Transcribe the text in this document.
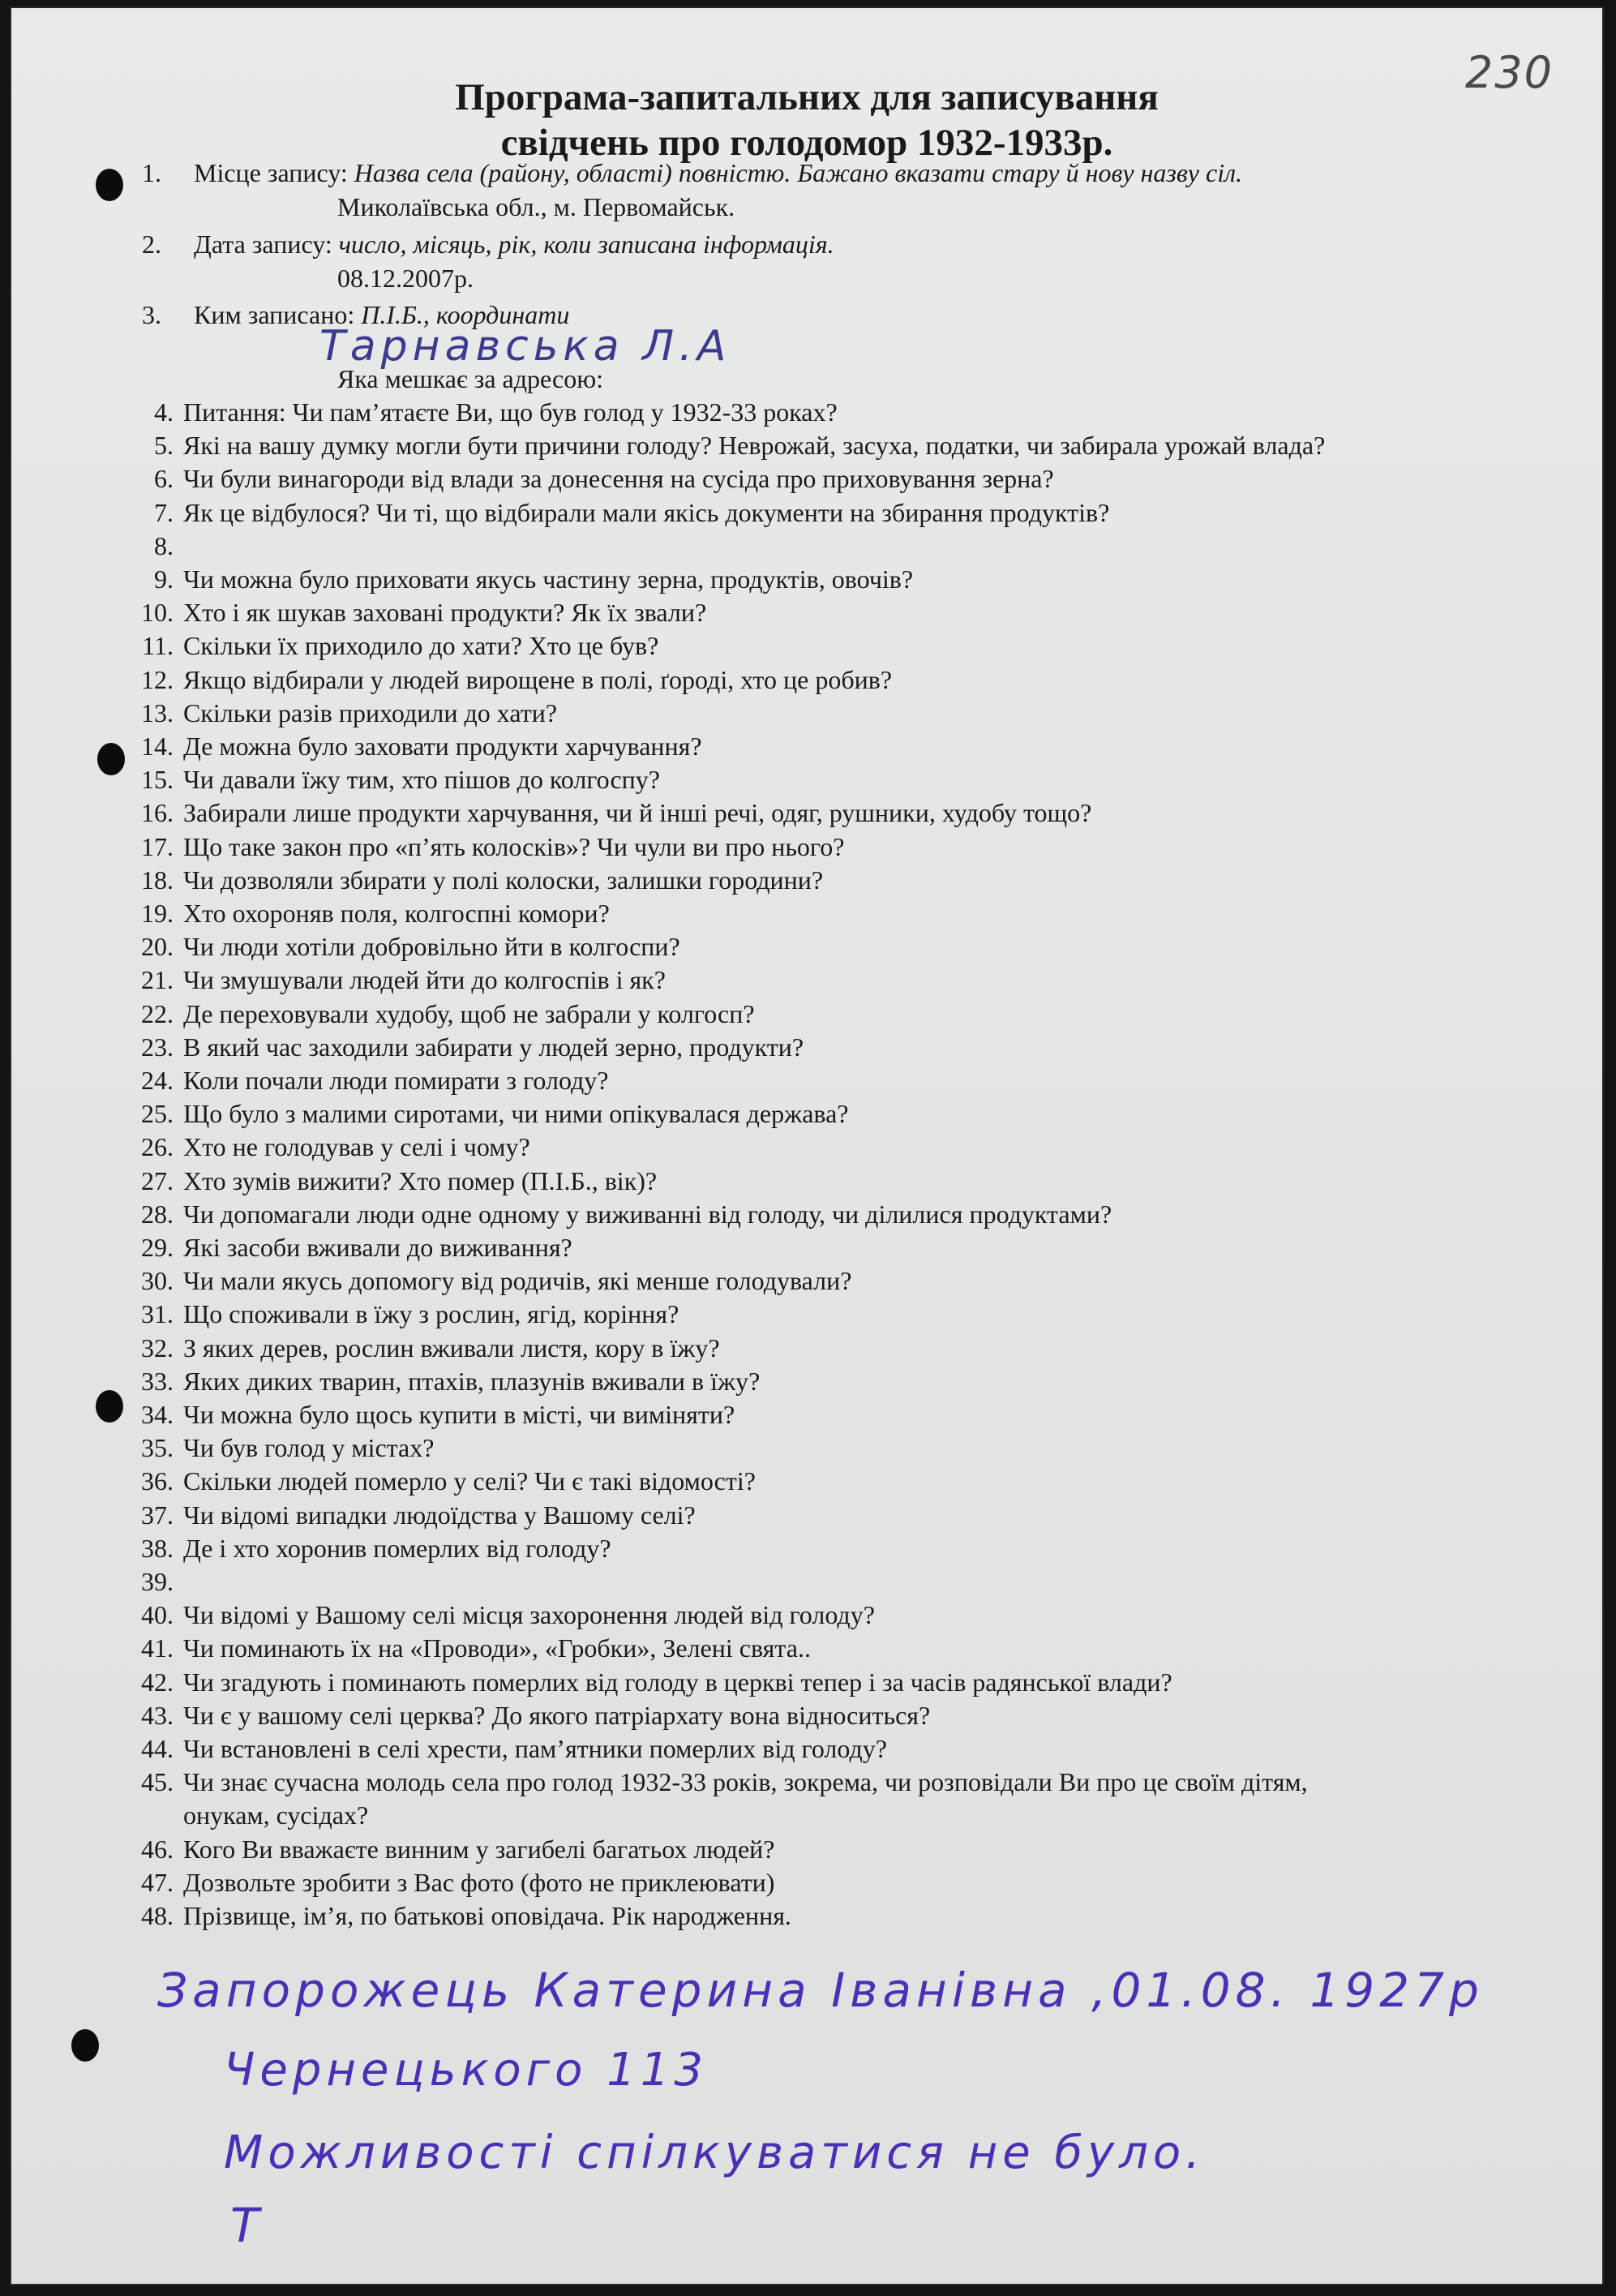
230
Програма-запитальних для записування
свідчень про голодомор 1932-1933р.
1. Місце запису: Назва села (району, області) повністю. Бажано вказати стару й нову назву сіл.
Миколаївська обл., м. Первомайськ.
2. Дата запису: число, місяць, рік, коли записана інформація.
08.12.2007р.
3. Ким записано: П.І.Б., координати
Тарнавська Л.А
Яка мешкає за адресою:
4. Питання: Чи пам’ятаєте Ви, що був голод у 1932-33 роках?
5. Які на вашу думку могли бути причини голоду? Неврожай, засуха, податки, чи забирала урожай влада?
6. Чи були винагороди від влади за донесення на сусіда про приховування зерна?
7. Як це відбулося? Чи ті, що відбирали мали якісь документи на збирання продуктів?
8.
9. Чи можна було приховати якусь частину зерна, продуктів, овочів?
10. Хто і як шукав заховані продукти? Як їх звали?
11. Скільки їх приходило до хати? Хто це був?
12. Якщо відбирали у людей вирощене в полі, ґороді, хто це робив?
13. Скільки разів приходили до хати?
14. Де можна було заховати продукти харчування?
15. Чи давали їжу тим, хто пішов до колгоспу?
16. Забирали лише продукти харчування, чи й інші речі, одяг, рушники, худобу тощо?
17. Що таке закон про «п’ять колосків»? Чи чули ви про нього?
18. Чи дозволяли збирати у полі колоски, залишки городини?
19. Хто охороняв поля, колгоспні комори?
20. Чи люди хотіли добровільно йти в колгоспи?
21. Чи змушували людей йти до колгоспів і як?
22. Де переховували худобу, щоб не забрали у колгосп?
23. В який час заходили забирати у людей зерно, продукти?
24. Коли почали люди помирати з голоду?
25. Що було з малими сиротами, чи ними опікувалася держава?
26. Хто не голодував у селі і чому?
27. Хто зумів вижити? Хто помер (П.І.Б., вік)?
28. Чи допомагали люди одне одному у виживанні від голоду, чи ділилися продуктами?
29. Які засоби вживали до виживання?
30. Чи мали якусь допомогу від родичів, які менше голодували?
31. Що споживали в їжу з рослин, ягід, коріння?
32. З яких дерев, рослин вживали листя, кору в їжу?
33. Яких диких тварин, птахів, плазунів вживали в їжу?
34. Чи можна було щось купити в місті, чи виміняти?
35. Чи був голод у містах?
36. Скільки людей померло у селі? Чи є такі відомості?
37. Чи відомі випадки людоїдства у Вашому селі?
38. Де і хто хоронив померлих від голоду?
39.
40. Чи відомі у Вашому селі місця захоронення людей від голоду?
41. Чи поминають їх на «Проводи», «Гробки», Зелені свята..
42. Чи згадують і поминають померлих від голоду в церкві тепер і за часів радянської влади?
43. Чи є у вашому селі церква? До якого патріархату вона відноситься?
44. Чи встановлені в селі хрести, пам’ятники померлих від голоду?
45. Чи знає сучасна молодь села про голод 1932-33 років, зокрема, чи розповідали Ви про це своїм дітям,
онукам, сусідах?
46. Кого Ви вважаєте винним у загибелі багатьох людей?
47. Дозвольте зробити з Вас фото (фото не приклеювати)
48. Прізвище, ім’я, по батькові оповідача. Рік народження.
Запорожець Катерина Іванівна ,01.08. 1927р
Чернецького 113
Можливості спілкуватися не було.
Т
